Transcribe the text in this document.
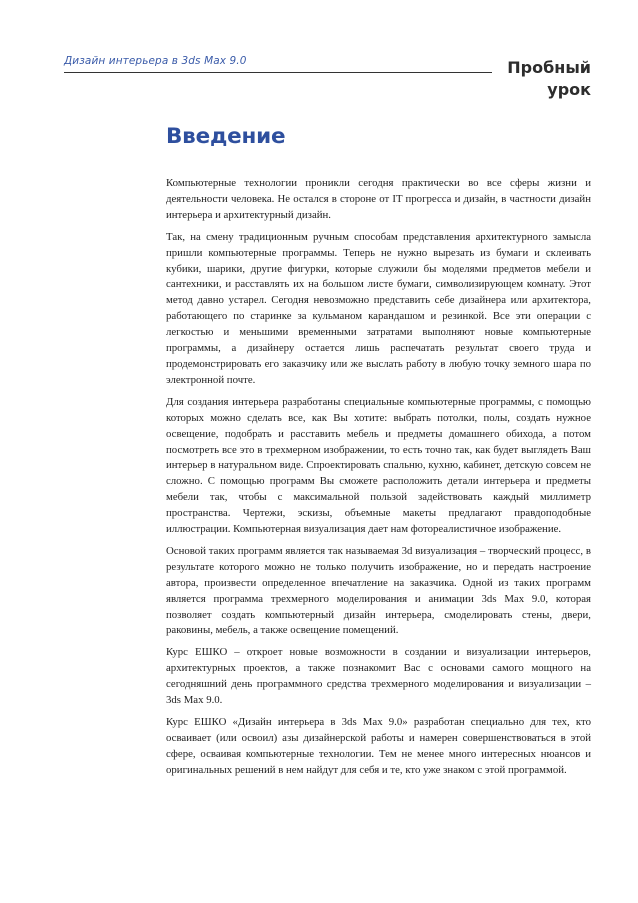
Дизайн интерьера в 3ds Max 9.0	Пробный
урок
Введение

Компьютерные технологии проникли сегодня практически во все сферы жизни и деятельности человека. Не остался в стороне от IT прогресса и дизайн, в частности дизайн интерьера и архитектурный дизайн.

Так, на смену традиционным ручным способам представления архитектурного замысла пришли компьютерные программы. Теперь не нужно вырезать из бумаги и склеивать кубики, шарики, другие фигурки, которые служили бы моделями предметов мебели и сантехники, и расставлять их на большом листе бумаги, символизирующем комнату. Этот метод давно устарел. Сегодня невозможно представить себе дизайнера или архитектора, работающего по старинке за кульманом карандашом и резинкой. Все эти операции с легкостью и меньшими временными затратами выполняют новые компьютерные программы, а дизайнеру остается лишь распечатать результат своего труда и продемонстрировать его заказчику или же выслать работу в любую точку земного шара по электронной почте.

Для создания интерьера разработаны специальные компьютерные программы, с помощью которых можно сделать все, как Вы хотите: выбрать потолки, полы, создать нужное освещение, подобрать и расставить мебель и предметы домашнего обихода, а потом посмотреть все это в трехмерном изображении, то есть точно так, как будет выглядеть Ваш интерьер в натуральном виде. Спроектировать спальню, кухню, кабинет, детскую совсем не сложно. С помощью программ Вы сможете расположить детали интерьера и предметы мебели так, чтобы с максимальной пользой задействовать каждый миллиметр пространства. Чертежи, эскизы, объемные макеты предлагают правдоподобные иллюстрации. Компьютерная визуализация дает нам фотореалистичное изображение.

Основой таких программ является так называемая 3d визуализация – творческий процесс, в результате которого можно не только получить изображение, но и передать настроение автора, произвести определенное впечатление на заказчика. Одной из таких программ является программа трехмерного моделирования и анимации 3ds Max 9.0, которая позволяет создать компьютерный дизайн интерьера, смоделировать стены, двери, раковины, мебель, а также освещение помещений.

Курс ЕШКО – откроет новые возможности в создании и визуализации интерьеров, архитектурных проектов, а также познакомит Вас с основами самого мощного на сегодняшний день программного средства трехмерного моделирования и визуализации – 3ds Max 9.0.

Курс ЕШКО «Дизайн интерьера в 3ds Max 9.0» разработан специально для тех, кто осваивает (или освоил) азы дизайнерской работы и намерен совершенствоваться в этой сфере, осваивая компьютерные технологии. Тем не менее много интересных нюансов и оригинальных решений в нем найдут для себя и те, кто уже знаком с этой программой.
